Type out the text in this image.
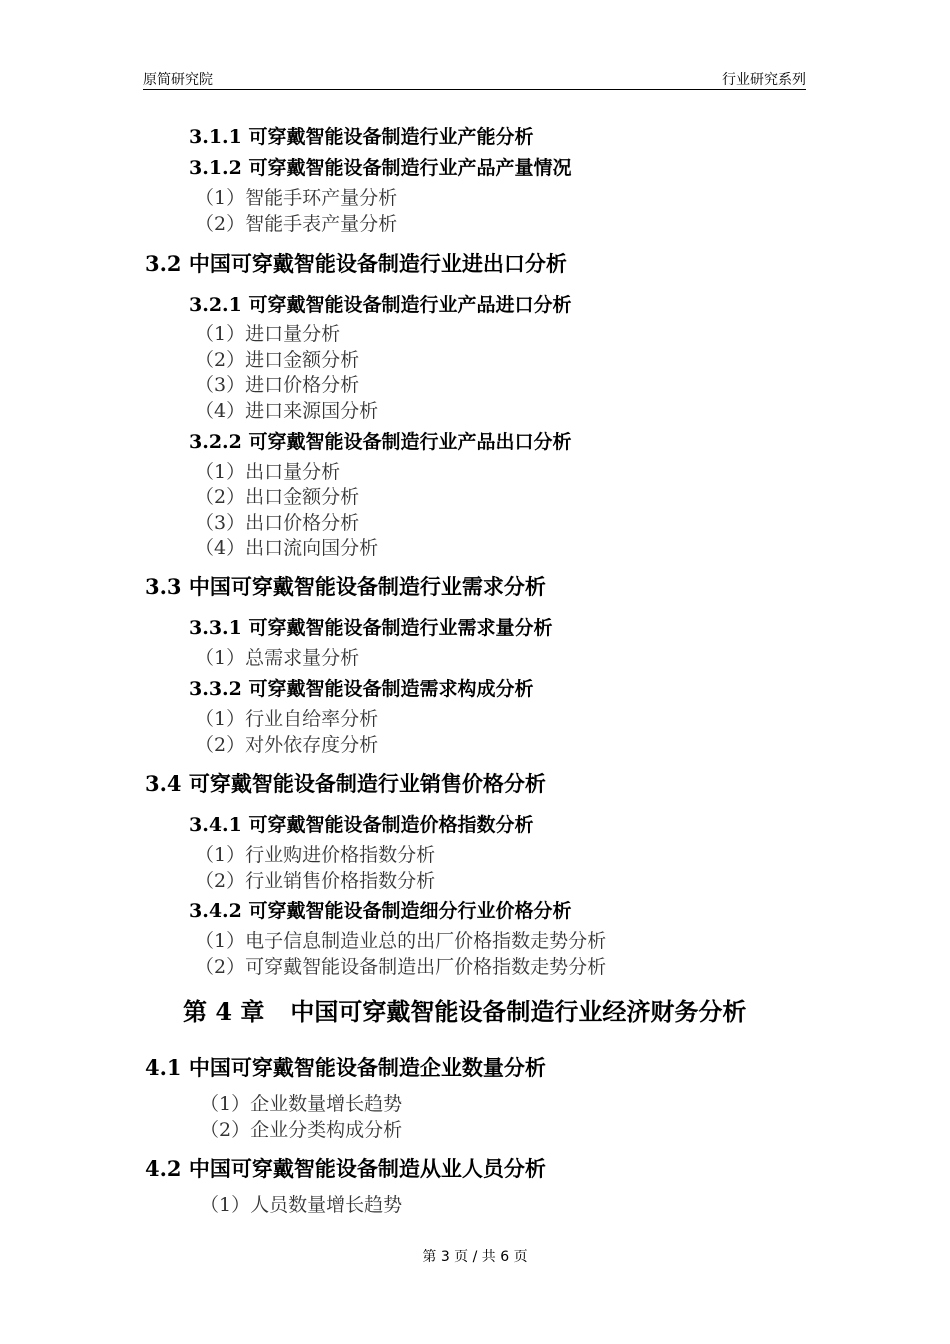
原简研究院	行业研究系列
3.1.1 可穿戴智能设备制造行业产能分析
3.1.2 可穿戴智能设备制造行业产品产量情况
（1）智能手环产量分析
（2）智能手表产量分析
3.2 中国可穿戴智能设备制造行业进出口分析
3.2.1 可穿戴智能设备制造行业产品进口分析
（1）进口量分析
（2）进口金额分析
（3）进口价格分析
（4）进口来源国分析
3.2.2 可穿戴智能设备制造行业产品出口分析
（1）出口量分析
（2）出口金额分析
（3）出口价格分析
（4）出口流向国分析
3.3 中国可穿戴智能设备制造行业需求分析
3.3.1 可穿戴智能设备制造行业需求量分析
（1）总需求量分析
3.3.2 可穿戴智能设备制造需求构成分析
（1）行业自给率分析
（2）对外依存度分析
3.4 可穿戴智能设备制造行业销售价格分析
3.4.1 可穿戴智能设备制造价格指数分析
（1）行业购进价格指数分析
（2）行业销售价格指数分析
3.4.2 可穿戴智能设备制造细分行业价格分析
（1）电子信息制造业总的出厂价格指数走势分析
（2）可穿戴智能设备制造出厂价格指数走势分析
第 4 章 中国可穿戴智能设备制造行业经济财务分析
4.1 中国可穿戴智能设备制造企业数量分析
（1）企业数量增长趋势
（2）企业分类构成分析
4.2 中国可穿戴智能设备制造从业人员分析
（1）人员数量增长趋势
第 3 页 / 共 6 页
